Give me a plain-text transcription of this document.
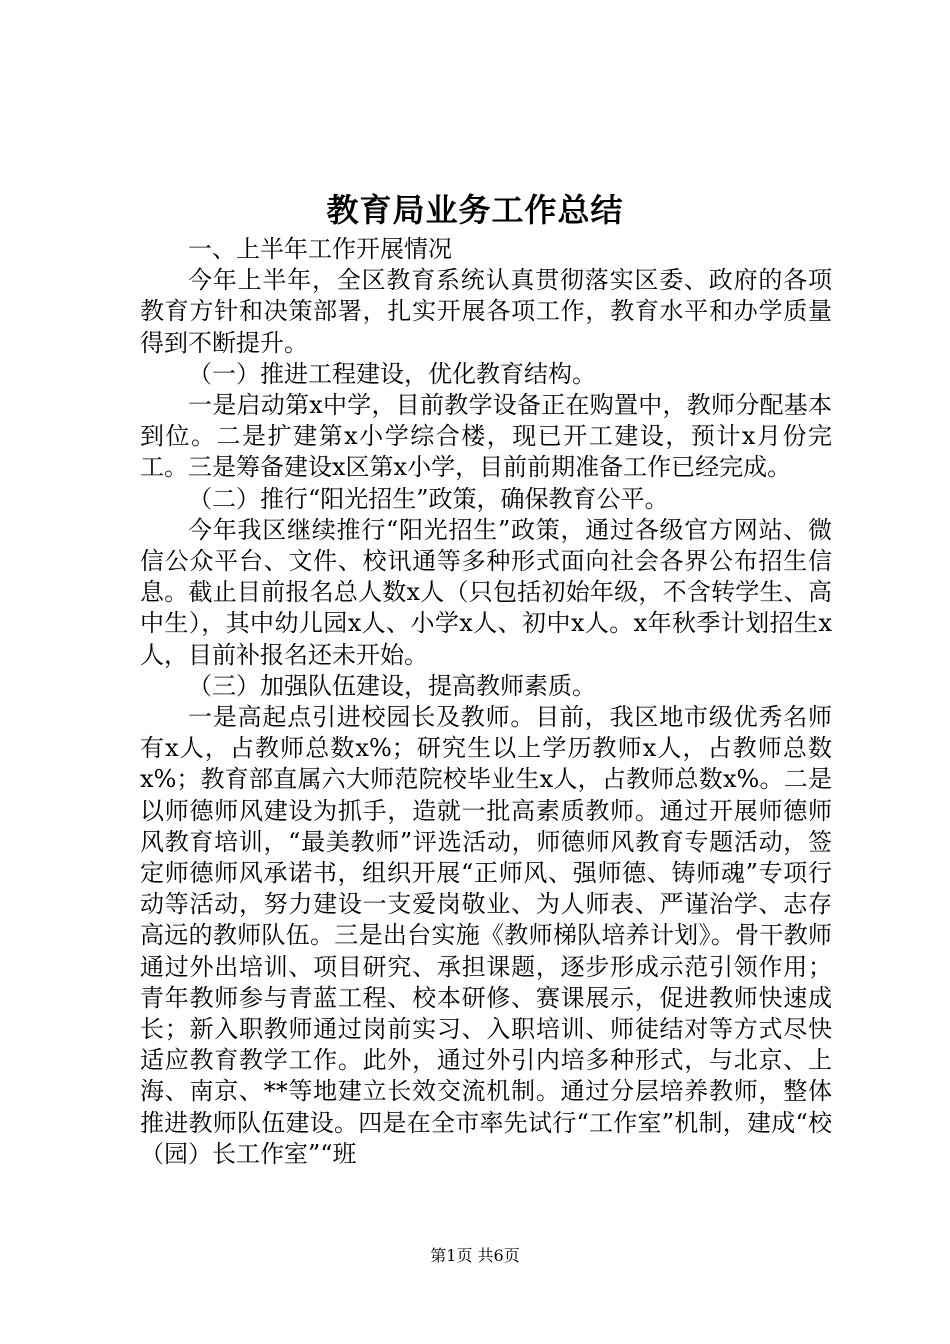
教育局业务工作总结

一、上半年工作开展情况

今年上半年，全区教育系统认真贯彻落实区委、政府的各项教育方针和决策部署，扎实开展各项工作，教育水平和办学质量得到不断提升。

（一）推进工程建设，优化教育结构。

一是启动第x中学，目前教学设备正在购置中，教师分配基本到位。二是扩建第x小学综合楼，现已开工建设，预计x月份完工。三是筹备建设x区第x小学，目前前期准备工作已经完成。

（二）推行“阳光招生”政策，确保教育公平。

今年我区继续推行“阳光招生”政策，通过各级官方网站、微信公众平台、文件、校讯通等多种形式面向社会各界公布招生信息。截止目前报名总人数x人（只包括初始年级，不含转学生、高中生），其中幼儿园x人、小学x人、初中x人。x年秋季计划招生x人，目前补报名还未开始。

（三）加强队伍建设，提高教师素质。

一是高起点引进校园长及教师。目前，我区地市级优秀名师有x人，占教师总数x%；研究生以上学历教师x人，占教师总数x%；教育部直属六大师范院校毕业生x人，占教师总数x%。二是以师德师风建设为抓手，造就一批高素质教师。通过开展师德师风教育培训，“最美教师”评选活动，师德师风教育专题活动，签定师德师风承诺书，组织开展“正师风、强师德、铸师魂”专项行动等活动，努力建设一支爱岗敬业、为人师表、严谨治学、志存高远的教师队伍。三是出台实施《教师梯队培养计划》。骨干教师通过外出培训、项目研究、承担课题，逐步形成示范引领作用；青年教师参与青蓝工程、校本研修、赛课展示，促进教师快速成长；新入职教师通过岗前实习、入职培训、师徒结对等方式尽快适应教育教学工作。此外，通过外引内培多种形式，与北京、上海、南京、**等地建立长效交流机制。通过分层培养教师，整体推进教师队伍建设。四是在全市率先试行“工作室”机制，建成“校（园）长工作室”“班

第1页 共6页
